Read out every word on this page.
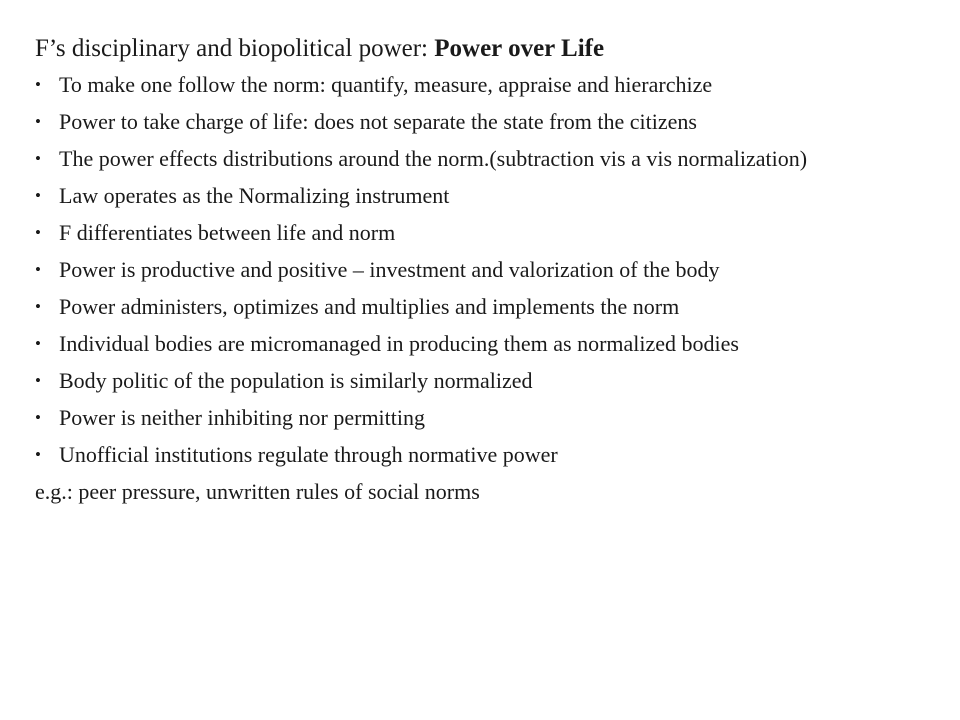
F’s disciplinary and biopolitical power: Power over Life

• To make one follow the norm: quantify, measure, appraise and hierarchize
• Power to take charge of life: does not separate the state from the citizens
• The power effects distributions around the norm.(subtraction vis a vis normalization)
• Law operates as the Normalizing instrument
• F differentiates between life and norm
• Power is productive and positive – investment and valorization of the body
• Power administers, optimizes and multiplies and implements the norm
• Individual bodies are micromanaged in producing them as normalized bodies
• Body politic of the population is similarly normalized
• Power is neither inhibiting nor permitting
• Unofficial institutions regulate through normative power

e.g.: peer pressure, unwritten rules of social norms
